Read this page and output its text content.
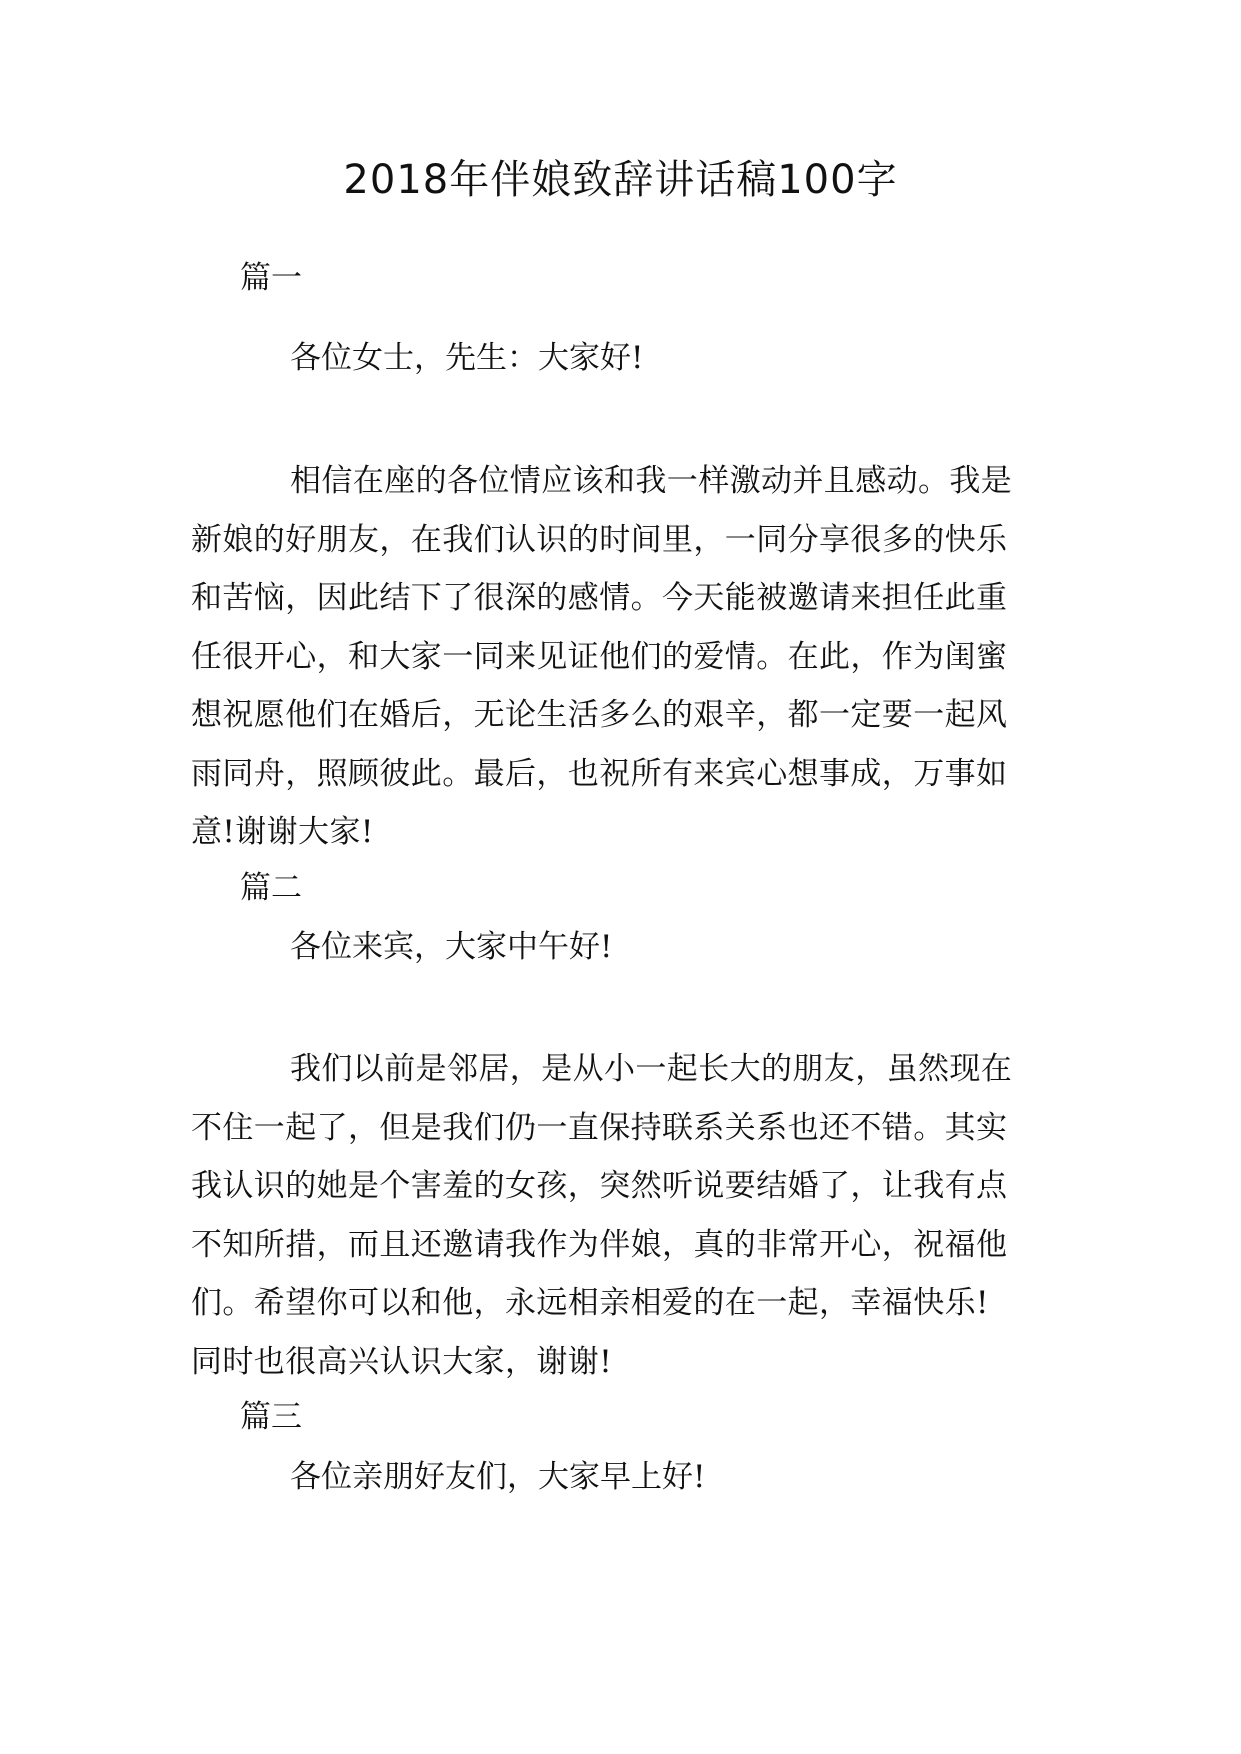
2018年伴娘致辞讲话稿100字
篇一

各位女士，先生：大家好!

相信在座的各位情应该和我一样激动并且感动。我是
新娘的好朋友，在我们认识的时间里，一同分享很多的快乐
和苦恼，因此结下了很深的感情。今天能被邀请来担任此重
任很开心，和大家一同来见证他们的爱情。在此，作为闺蜜
想祝愿他们在婚后，无论生活多么的艰辛，都一定要一起风
雨同舟，照顾彼此。最后，也祝所有来宾心想事成，万事如
意!谢谢大家!
篇二

各位来宾，大家中午好!

我们以前是邻居，是从小一起长大的朋友，虽然现在
不住一起了，但是我们仍一直保持联系关系也还不错。其实
我认识的她是个害羞的女孩，突然听说要结婚了，让我有点
不知所措，而且还邀请我作为伴娘，真的非常开心，祝福他
们。希望你可以和他，永远相亲相爱的在一起，幸福快乐!
同时也很高兴认识大家，谢谢!
篇三

各位亲朋好友们，大家早上好!
